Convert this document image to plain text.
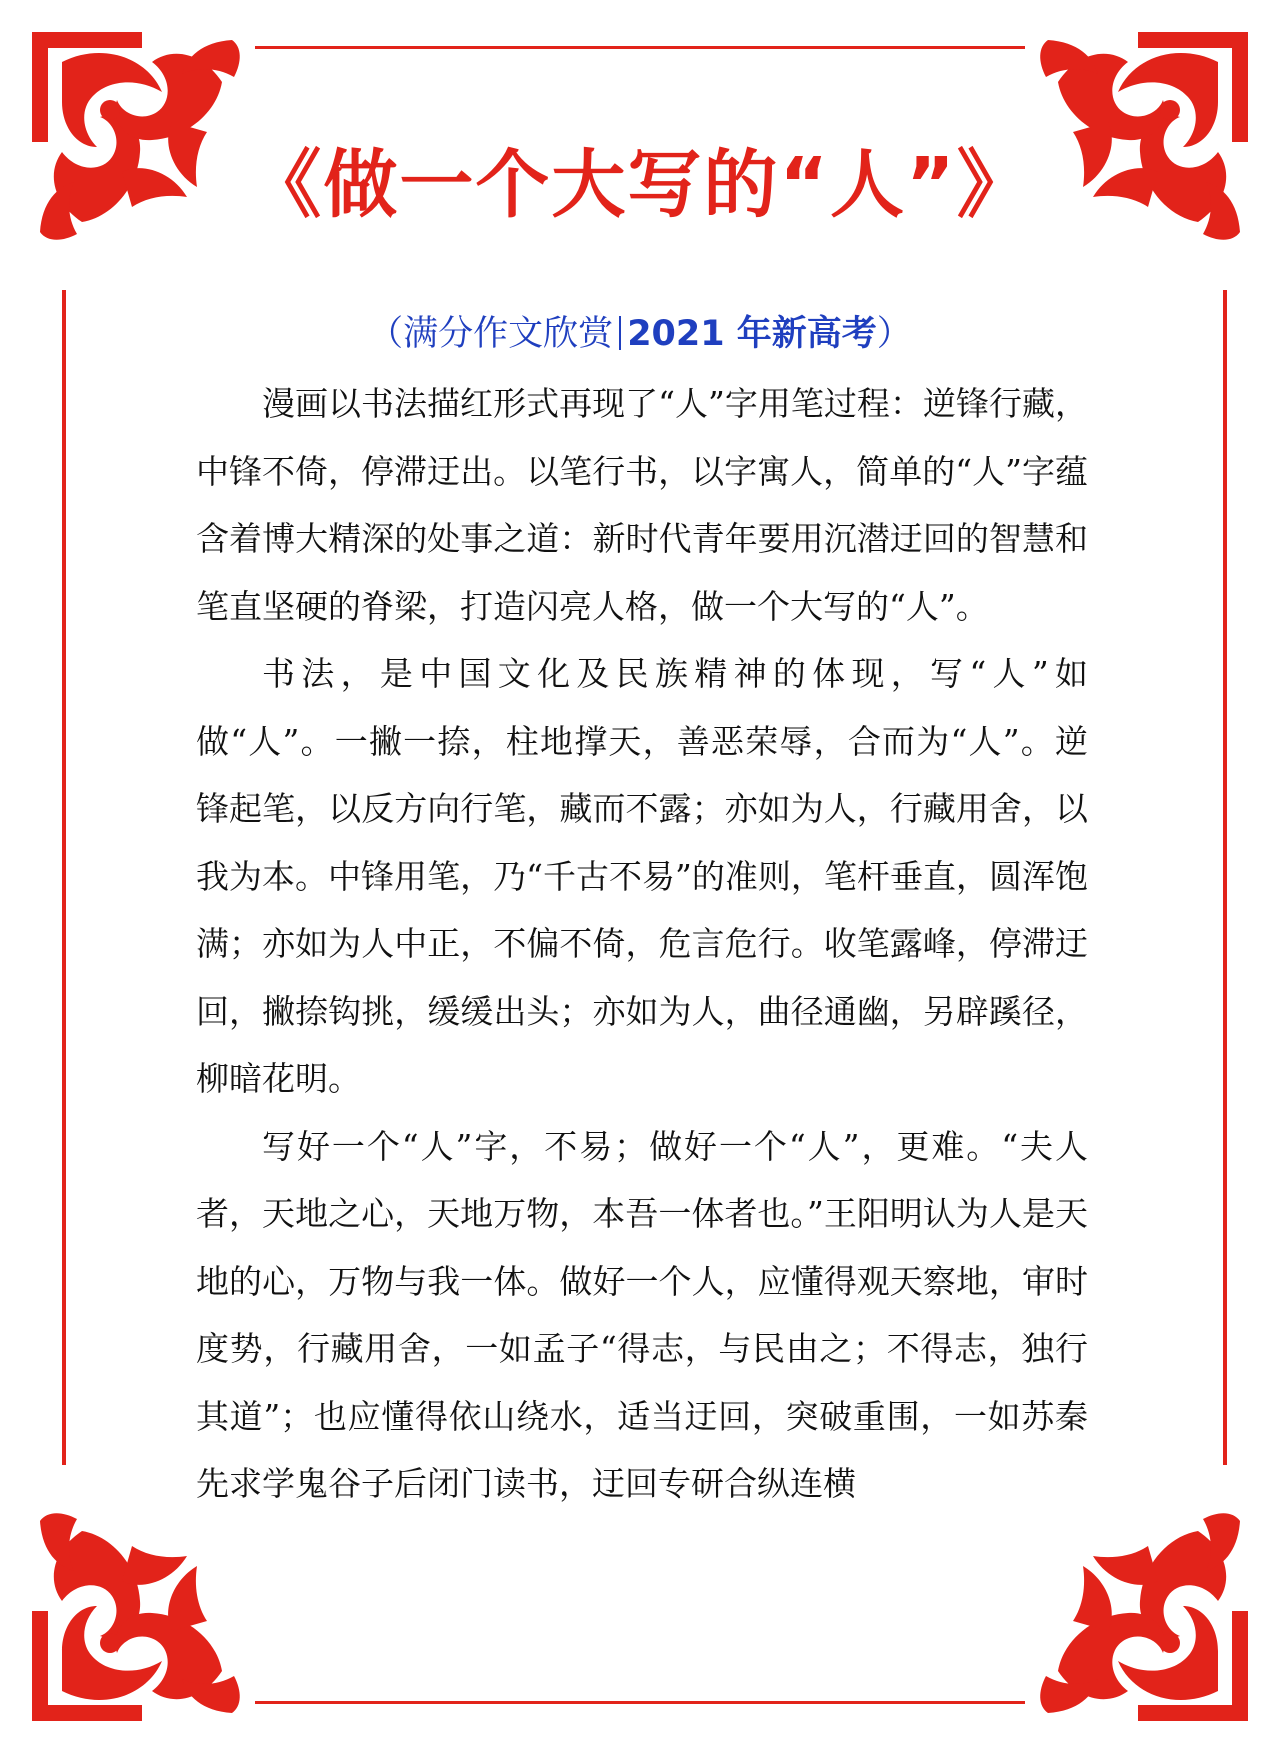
《做一个大写的“人”》
（满分作文欣赏 2021 年新高考）

漫画以书法描红形式再现了“人”字用笔过程：逆锋行藏，中锋不倚，停滞迂出。以笔行书，以字寓人，简单的“人”字蕴含着博大精深的处事之道：新时代青年要用沉潜迂回的智慧和笔直坚硬的脊梁，打造闪亮人格，做一个大写的“人”。

书法，是中国文化及民族精神的体现，写“人”如做“人”。一撇一捺，柱地撑天，善恶荣辱，合而为“人”。逆锋起笔，以反方向行笔，藏而不露；亦如为人，行藏用舍，以我为本。中锋用笔，乃“千古不易”的准则，笔杆垂直，圆浑饱满；亦如为人中正，不偏不倚，危言危行。收笔露峰，停滞迂回，撇捺钩挑，缓缓出头；亦如为人，曲径通幽，另辟蹊径，柳暗花明。

写好一个“人”字，不易；做好一个“人”，更难。“夫人者，天地之心，天地万物，本吾一体者也。”王阳明认为人是天地的心，万物与我一体。做好一个人，应懂得观天察地，审时度势，行藏用舍，一如孟子“得志，与民由之；不得志，独行其道”；也应懂得依山绕水，适当迂回，突破重围，一如苏秦先求学鬼谷子后闭门读书，迂回专研合纵连横
